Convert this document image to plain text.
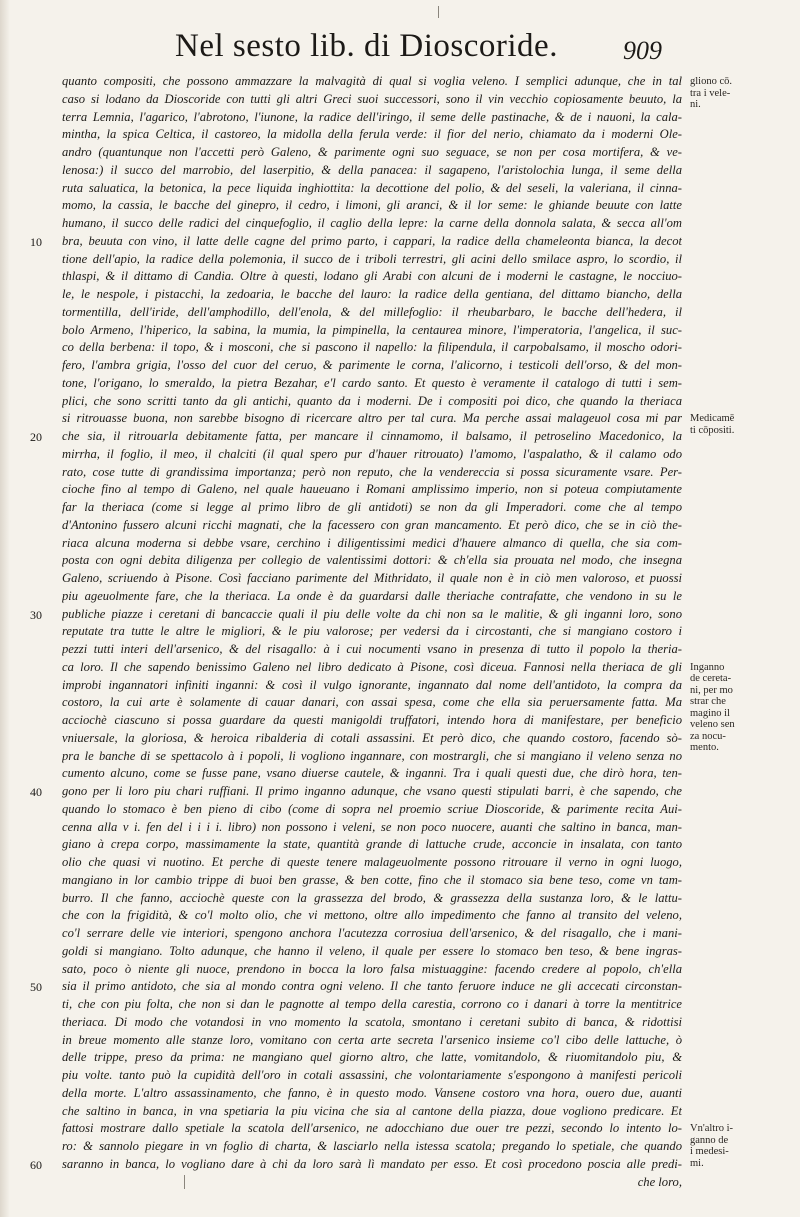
Nel sesto lib. di Dioscoride.	909
quanto compositi, che possono ammazzare la malvagità di qual si voglia veleno. I semplici adunque, che in tal
caso si lodano da Dioscoride con tutti gli altri Greci suoi successori, sono il vin vecchio copiosamente beuuto, la
terra Lemnia, l'agarico, l'abrotono, l'iunone, la radice dell'iringo, il seme delle pastinache, & de i nauoni, la cala-
mintha, la spica Celtica, il castoreo, la midolla della ferula verde: il fior del nerio, chiamato da i moderni Ole-
andro (quantunque non l'accetti però Galeno, & parimente ogni suo seguace, se non per cosa mortifera, & ve-
lenosa:) il succo del marrobio, del laserpitio, & della panacea: il sagapeno, l'aristolochia lunga, il seme della
ruta saluatica, la betonica, la pece liquida inghiottita: la decottione del polio, & del seseli, la valeriana, il cinna-
momo, la cassia, le bacche del ginepro, il cedro, i limoni, gli aranci, & il lor seme: le ghiande beuute con latte
humano, il succo delle radici del cinquefoglio, il caglio della lepre: la carne della donnola salata, & secca all'om
bra, beuuta con vino, il latte delle cagne del primo parto, i cappari, la radice della chameleonta bianca, la decot
tione dell'apio, la radice della polemonia, il succo de i triboli terrestri, gli acini dello smilace aspro, lo scordio, il
thlaspi, & il dittamo di Candia. Oltre à questi, lodano gli Arabi con alcuni de i moderni le castagne, le nocciuo-
le, le nespole, i pistacchi, la zedoaria, le bacche del lauro: la radice della gentiana, del dittamo biancho, della
tormentilla, dell'iride, dell'amphodillo, dell'enola, & del millefoglio: il rheubarbaro, le bacche dell'hedera, il
bolo Armeno, l'hiperico, la sabina, la mumia, la pimpinella, la centaurea minore, l'imperatoria, l'angelica, il suc-
co della berbena: il topo, & i mosconi, che si pascono il napello: la filipendula, il carpobalsamo, il moscho odori-
fero, l'ambra grigia, l'osso del cuor del ceruo, & parimente le corna, l'alicorno, i testicoli dell'orso, & del mon-
tone, l'origano, lo smeraldo, la pietra Bezahar, e'l cardo santo. Et questo è veramente il catalogo di tutti i sem-
plici, che sono scritti tanto da gli antichi, quanto da i moderni. De i compositi poi dico, che quando la theriaca
si ritrouasse buona, non sarebbe bisogno di ricercare altro per tal cura. Ma perche assai malageuol cosa mi par
che sia, il ritrouarla debitamente fatta, per mancare il cinnamomo, il balsamo, il petroselino Macedonico, la
mirrha, il foglio, il meo, il chalciti (il qual spero pur d'hauer ritrouato) l'amomo, l'aspalatho, & il calamo odo
rato, cose tutte di grandissima importanza; però non reputo, che la vendereccia si possa sicuramente vsare. Per-
cioche fino al tempo di Galeno, nel quale haueuano i Romani amplissimo imperio, non si poteua compiutamente
far la theriaca (come si legge al primo libro de gli antidoti) se non da gli Imperadori. come che al tempo
d'Antonino fussero alcuni ricchi magnati, che la facessero con gran mancamento. Et però dico, che se in ciò the-
riaca alcuna moderna si debbe vsare, cerchino i diligentissimi medici d'hauere almanco di quella, che sia com-
posta con ogni debita diligenza per collegio de valentissimi dottori: & ch'ella sia prouata nel modo, che insegna
Galeno, scriuendo à Pisone. Così facciano parimente del Mithridato, il quale non è in ciò men valoroso, et puossi
piu ageuolmente fare, che la theriaca. La onde è da guardarsi dalle theriache contrafatte, che vendono in su le
publiche piazze i ceretani di bancaccie quali il piu delle volte da chi non sa le malitie, & gli inganni loro, sono
reputate tra tutte le altre le migliori, & le piu valorose; per vedersi da i circostanti, che si mangiano costoro i
pezzi tutti interi dell'arsenico, & del risagallo: à i cui nocumenti vsano in presenza di tutto il popolo la theria-
ca loro. Il che sapendo benissimo Galeno nel libro dedicato à Pisone, così diceua. Fannosi nella theriaca de gli
improbi ingannatori infiniti inganni: & così il vulgo ignorante, ingannato dal nome dell'antidoto, la compra da
costoro, la cui arte è solamente di cauar danari, con assai spesa, come che ella sia peruersamente fatta. Ma
acciochè ciascuno si possa guardare da questi manigoldi truffatori, intendo hora di manifestare, per beneficio
vniuersale, la gloriosa, & heroica ribalderia di cotali assassini. Et però dico, che quando costoro, facendo sò-
pra le banche di se spettacolo à i popoli, li vogliono ingannare, con mostrargli, che si mangiano il veleno senza no
cumento alcuno, come se fusse pane, vsano diuerse cautele, & inganni. Tra i quali questi due, che dirò hora, ten-
gono per li loro piu chari ruffiani. Il primo inganno adunque, che vsano questi stipulati barri, è che sapendo, che
quando lo stomaco è ben pieno di cibo (come di sopra nel proemio scriue Dioscoride, & parimente recita Aui-
cenna alla v i. fen del i i i i. libro) non possono i veleni, se non poco nuocere, auanti che saltino in banca, man-
giano à crepa corpo, massimamente la state, quantità grande di lattuche crude, acconcie in insalata, con tanto
olio che quasi vi nuotino. Et perche di queste tenere malageuolmente possono ritrouare il verno in ogni luogo,
mangiano in lor cambio trippe di buoi ben grasse, & ben cotte, fino che il stomaco sia bene teso, come vn tam-
burro. Il che fanno, acciochè queste con la grassezza del brodo, & grassezza della sustanza loro, & le lattu-
che con la frigidità, & co'l molto olio, che vi mettono, oltre allo impedimento che fanno al transito del veleno,
co'l serrare delle vie interiori, spengono anchora l'acutezza corrosiua dell'arsenico, & del risagallo, che i mani-
goldi si mangiano. Tolto adunque, che hanno il veleno, il quale per essere lo stomaco ben teso, & bene ingras-
sato, poco ò niente gli nuoce, prendono in bocca la loro falsa mistuaggine: facendo credere al popolo, ch'ella
sia il primo antidoto, che sia al mondo contra ogni veleno. Il che tanto feruore induce ne gli accecati circonstan-
ti, che con piu folta, che non si dan le pagnotte al tempo della carestia, corrono co i danari à torre la mentitrice
theriaca. Di modo che votandosi in vno momento la scatola, smontano i ceretani subito di banca, & ridottisi
in breue momento alle stanze loro, vomitano con certa arte secreta l'arsenico insieme co'l cibo delle lattuche, ò
delle trippe, preso da prima: ne mangiano quel giorno altro, che latte, vomitandolo, & riuomitandolo piu, &
piu volte. tanto può la cupidità dell'oro in cotali assassini, che volontariamente s'espongono à manifesti pericoli
della morte. L'altro assassinamento, che fanno, è in questo modo. Vansene costoro vna hora, ouero due, auanti
che saltino in banca, in vna spetiaria la piu vicina che sia al cantone della piazza, doue vogliono predicare. Et
fattosi mostrare dallo spetiale la scatola dell'arsenico, ne adocchiano due ouer tre pezzi, secondo lo intento lo-
ro: & sannolo piegare in vn foglio di charta, & lasciarlo nella istessa scatola; pregando lo spetiale, che quando
saranno in banca, lo vogliano dare à chi da loro sarà lì mandato per esso. Et così procedono poscia alle predi-
che loro,
10
20
30
40
50
60
gliono cō.
tra i vele-
ni.
Medicamē
ti cōpositi.
Inganno
de cereta-
ni, per mo
strar che
magino il
veleno sen
za nocu-
mento.
Vn'altro i-
ganno de
i medesi-
mi.
